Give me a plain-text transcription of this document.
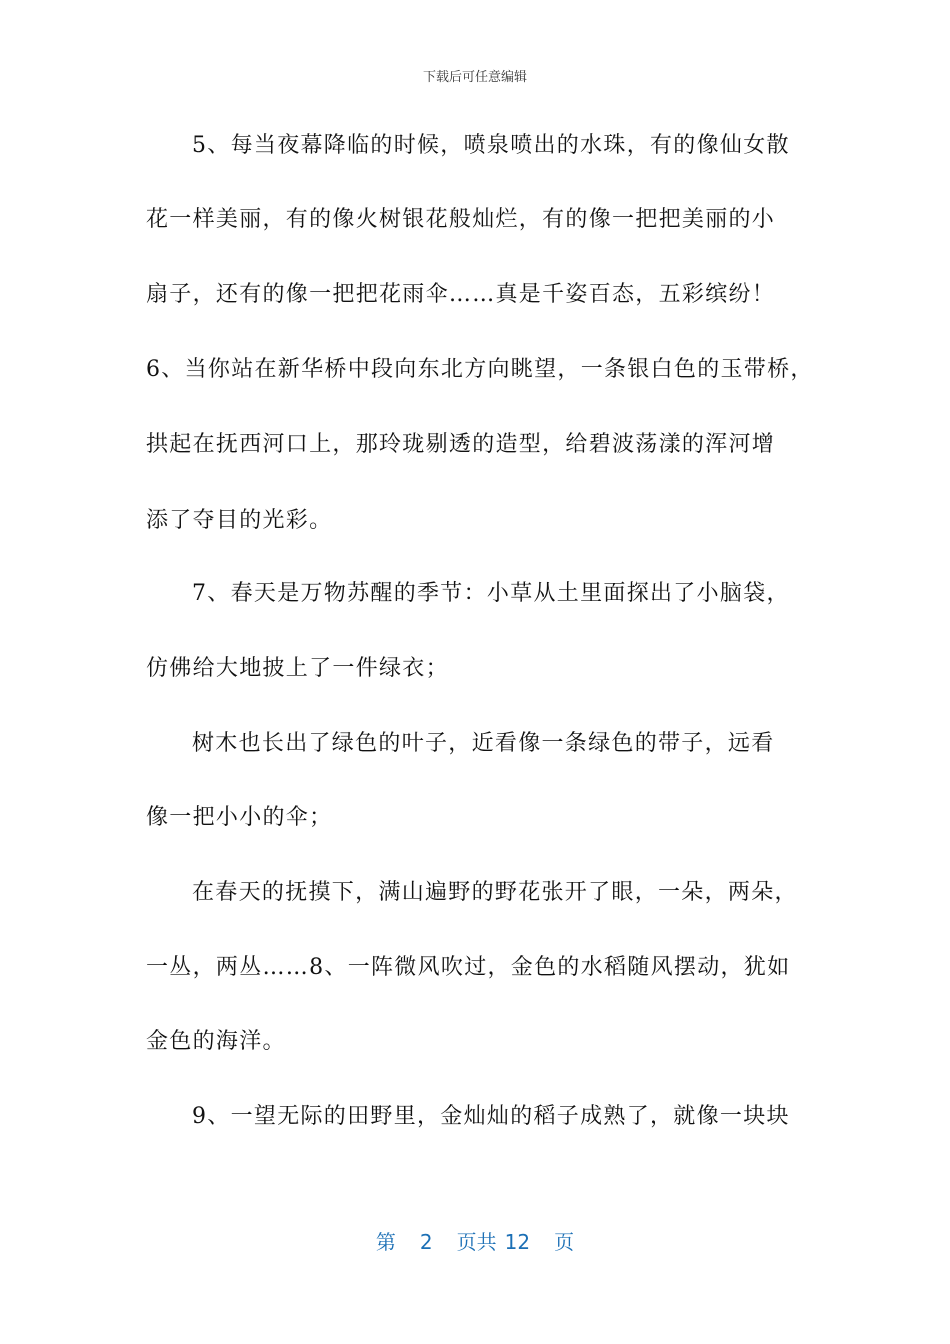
下载后可任意编辑
5、每当夜幕降临的时候，喷泉喷出的水珠，有的像仙女散
花一样美丽，有的像火树银花般灿烂，有的像一把把美丽的小
扇子，还有的像一把把花雨伞……真是千姿百态，五彩缤纷！
6、当你站在新华桥中段向东北方向眺望，一条银白色的玉带桥，
拱起在抚西河口上，那玲珑剔透的造型，给碧波荡漾的浑河增
添了夺目的光彩。
7、春天是万物苏醒的季节：小草从土里面探出了小脑袋，
仿佛给大地披上了一件绿衣；
树木也长出了绿色的叶子，近看像一条绿色的带子，远看
像一把小小的伞；
在春天的抚摸下，满山遍野的野花张开了眼，一朵，两朵，
一丛，两丛……8、一阵微风吹过，金色的水稻随风摆动，犹如
金色的海洋。
9、一望无际的田野里，金灿灿的稻子成熟了，就像一块块
第 2 页共 12 页
